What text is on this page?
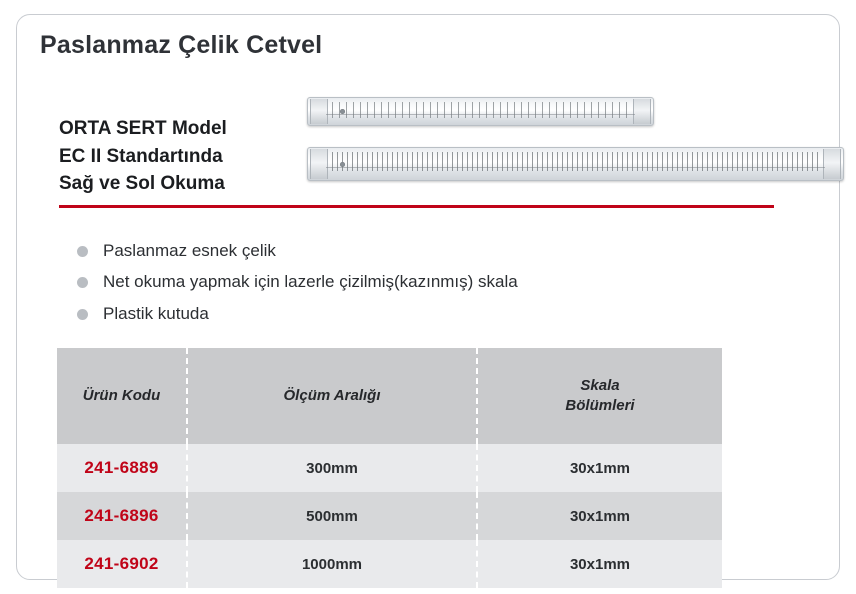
Paslanmaz Çelik Cetvel
ORTA SERT Model
EC II Standartında
Sağ ve Sol Okuma
Paslanmaz esnek çelik
Net okuma yapmak için lazerle çizilmiş(kazınmış) skala
Plastik kutuda
Ürün Kodu	Ölçüm Aralığı	Skala
Bölümleri

241-6889	300mm	30x1mm
241-6896	500mm	30x1mm
241-6902	1000mm	30x1mm
